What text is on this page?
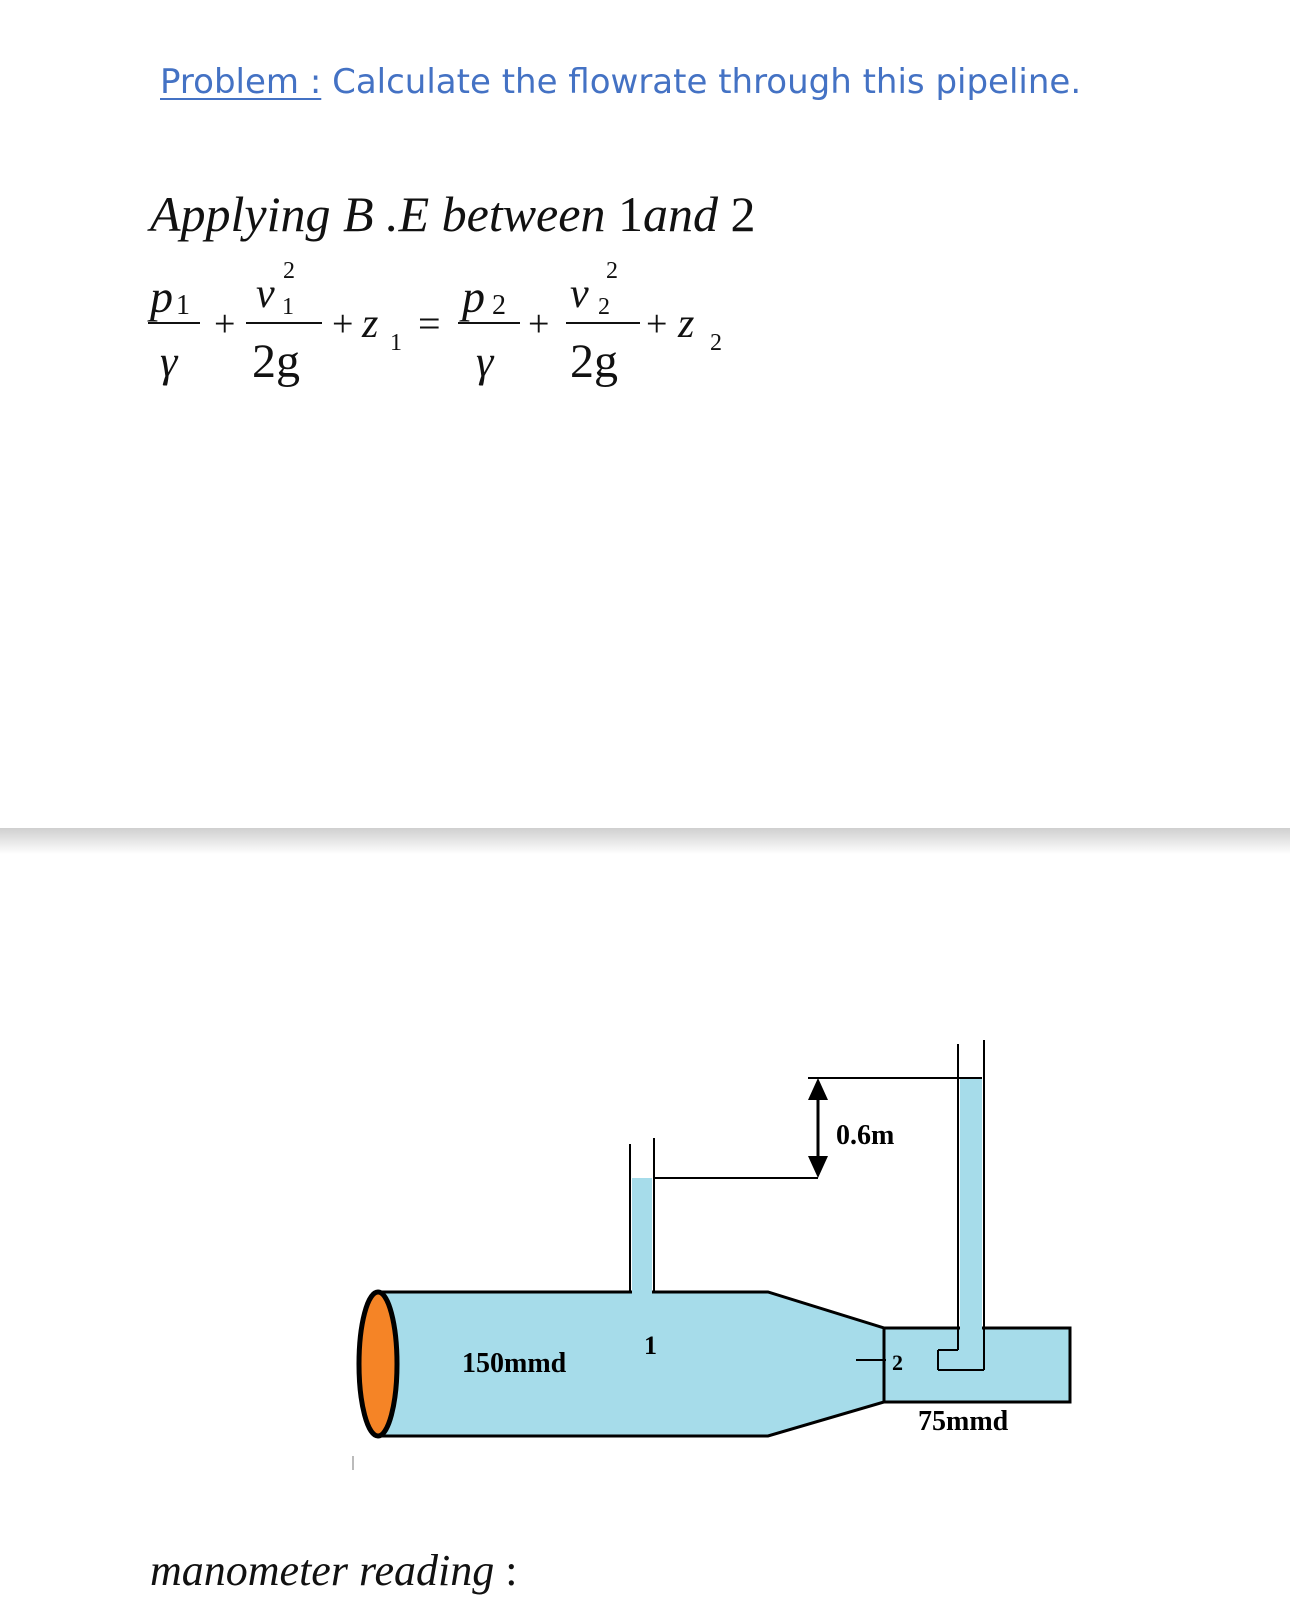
Problem : Calculate the flowrate through this pipeline.
Applying B .E between 1and 2
p 1
γ
+
v 2
1
2g
+ z 1 =
p 2
γ
+
v 2
2
2g
+ z 2
0.6m
1
2
150mmd
75mmd
manometer reading :
